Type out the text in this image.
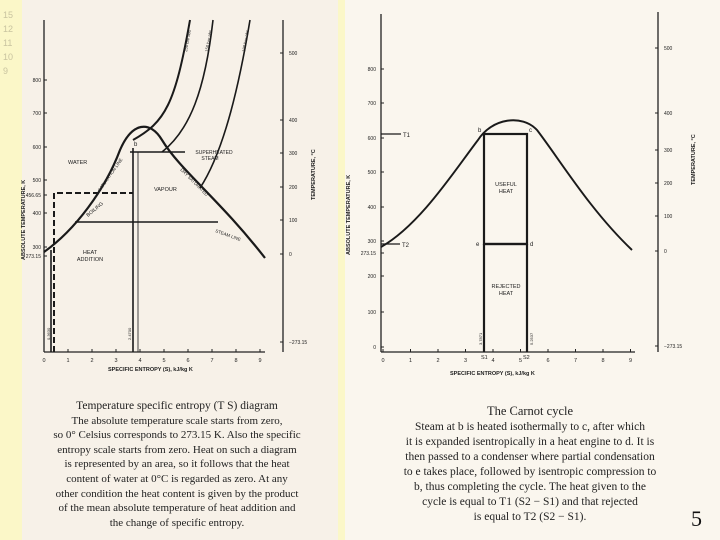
15
12
11
10
9
800
700
600
500
456.65
400
300
273.15
500
400
300
200
100
0
−273.15
0	1	2	3	4	5	6	7	8	9
ABSOLUTE TEMPERATURE, K
TEMPERATURE, °C
SPECIFIC ENTROPY (S), kJ/kg K
WATER
VAPOUR
SUPERHEATED STEAM
HEAT ADDITION
BOILING
SATURATION LINE	DRY SATURATED
STEAM LINE
b
250 bar abs	150 bar abs	100 bar abs
0.3630	2.4700
800
700
600
500
400
300
273.15
200
100
0
500
400
300
200
100
0
−273.15
0	1	2	3	4	5	6	7	8	9
ABSOLUTE TEMPERATURE, K
TEMPERATURE, °C
SPECIFIC ENTROPY (S), kJ/kg K
T1
T2
USEFUL HEAT
REJECTED HEAT
b	c
e	d
S1	S2
3.7871	5.2537
Temperature specific entropy (T S) diagram
The absolute temperature scale starts from zero,
so 0° Celsius corresponds to 273.15 K. Also the specific
entropy scale starts from zero. Heat on such a diagram
is represented by an area, so it follows that the heat
content of water at 0°C is regarded as zero. At any
other condition the heat content is given by the product
of the mean absolute temperature of heat addition and
the change of specific entropy.
The Carnot cycle
Steam at b is heated isothermally to c, after which
it is expanded isentropically in a heat engine to d. It is
then passed to a condenser where partial condensation
to e takes place, followed by isentropic compression to
b, thus completing the cycle. The heat given to the
cycle is equal to T1 (S2 − S1) and that rejected
is equal to T2 (S2 − S1).	5
